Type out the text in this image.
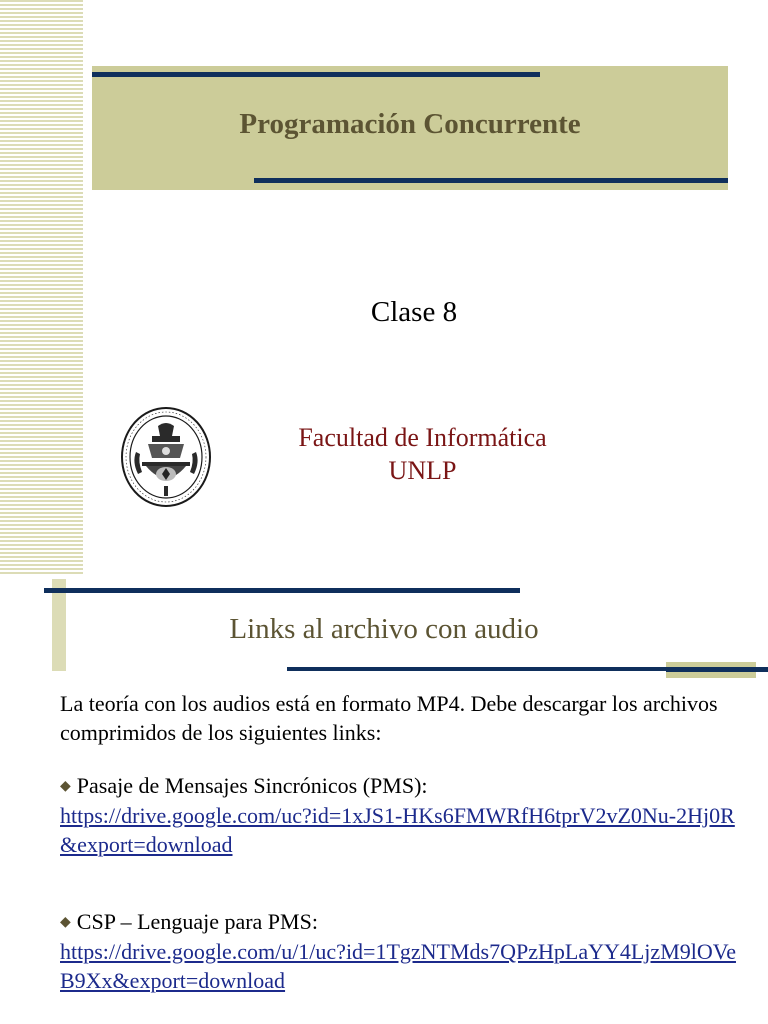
Programación Concurrente
Clase 8
Facultad de Informática
UNLP
Links al archivo con audio
La teoría con los audios está en formato MP4. Debe descargar los archivos comprimidos de los siguientes links:
◆ Pasaje de Mensajes Sincrónicos (PMS):
https://drive.google.com/uc?id=1xJS1-HKs6FMWRfH6tprV2vZ0Nu-2Hj0R&export=download
◆ CSP – Lenguaje para PMS:
https://drive.google.com/u/1/uc?id=1TgzNTMds7QPzHpLaYY4LjzM9lOVeB9Xx&export=download
